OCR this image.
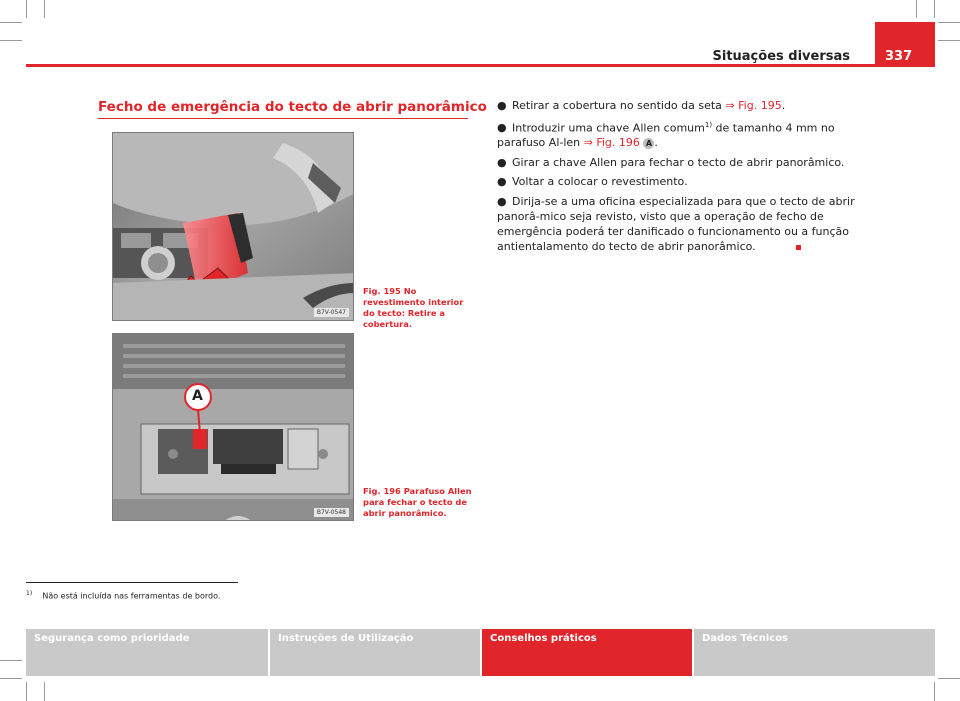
Situações diversas	337
Fecho de emergência do tecto de abrir panorâmico
B7V-0547
Fig. 195 No revestimento interior do tecto: Retire a cobertura.
A
B7V-0548
Fig. 196 Parafuso Allen para fechar o tecto de abrir panorâmico.

● Retirar a cobertura no sentido da seta ⇒ Fig. 195.

● Introduzir uma chave Allen comum$^{1)}$ de tamanho 4 mm no parafuso Al-len ⇒ Fig. 196 A .

● Girar a chave Allen para fechar o tecto de abrir panorâmico.

● Voltar a colocar o revestimento.

● Dirija-se a uma oficina especializada para que o tecto de abrir panorâ-mico seja revisto, visto que a operação de fecho de emergência poderá ter danificado o funcionamento ou a função antientalamento do tecto de abrir panorâmico.

$^{1)}$ Não está incluída nas ferramentas de bordo.
Segurança como prioridade	Instruções de Utilização	Conselhos práticos	Dados Técnicos
